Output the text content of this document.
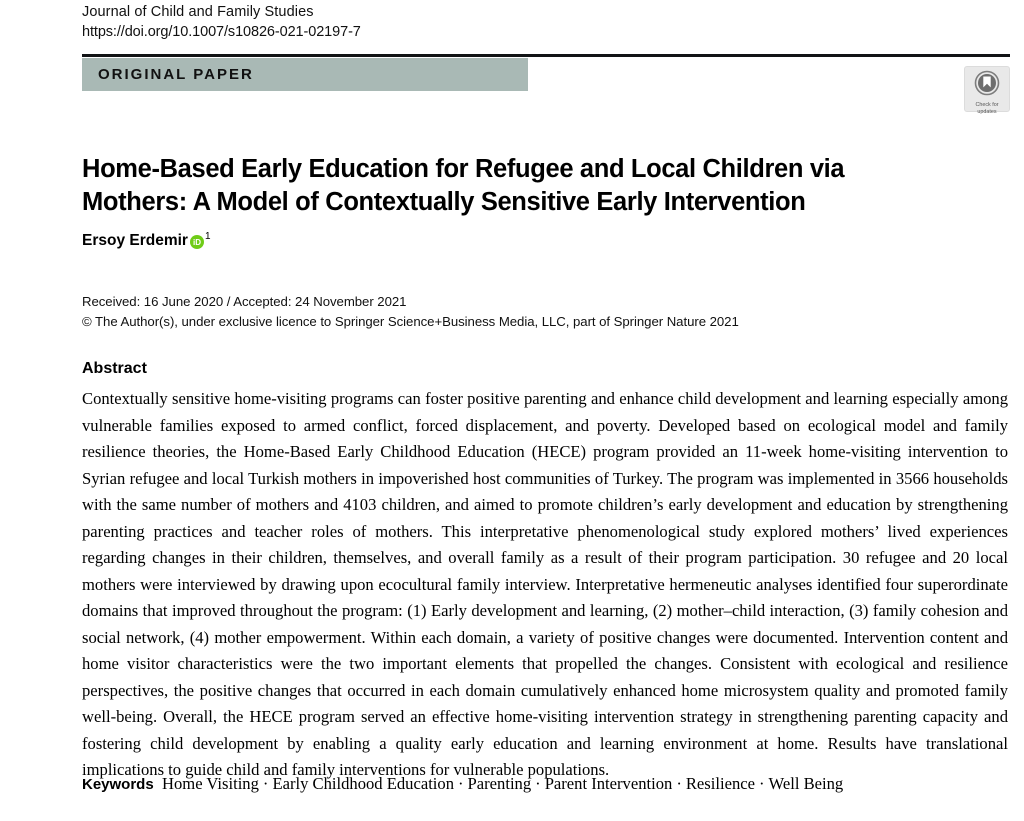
Journal of Child and Family Studies
https://doi.org/10.1007/s10826-021-02197-7
ORIGINAL PAPER
Check for
updates
Home-Based Early Education for Refugee and Local Children via Mothers: A Model of Contextually Sensitive Early Intervention
Ersoy Erdemir iD
$^1$
Received: 16 June 2020 / Accepted: 24 November 2021
© The Author(s), under exclusive licence to Springer Science+Business Media, LLC, part of Springer Nature 2021
Abstract
Contextually sensitive home-visiting programs can foster positive parenting and enhance child development and learning especially among vulnerable families exposed to armed conflict, forced displacement, and poverty. Developed based on ecological model and family resilience theories, the Home-Based Early Childhood Education (HECE) program provided an 11-week home-visiting intervention to Syrian refugee and local Turkish mothers in impoverished host communities of Turkey. The program was implemented in 3566 households with the same number of mothers and 4103 children, and aimed to promote children’s early development and education by strengthening parenting practices and teacher roles of mothers. This interpretative phenomenological study explored mothers’ lived experiences regarding changes in their children, themselves, and overall family as a result of their program participation. 30 refugee and 20 local mothers were interviewed by drawing upon ecocultural family interview. Interpretative hermeneutic analyses identified four superordinate domains that improved throughout the program: (1) Early development and learning, (2) mother–child interaction, (3) family cohesion and social network, (4) mother empowerment. Within each domain, a variety of positive changes were documented. Intervention content and home visitor characteristics were the two important elements that propelled the changes. Consistent with ecological and resilience perspectives, the positive changes that occurred in each domain cumulatively enhanced home microsystem quality and promoted family well-being. Overall, the HECE program served an effective home-visiting intervention strategy in strengthening parenting capacity and fostering child development by enabling a quality early education and learning environment at home. Results have translational implications to guide child and family interventions for vulnerable populations.
Keywords Home Visiting · Early Childhood Education · Parenting · Parent Intervention · Resilience · Well Being
